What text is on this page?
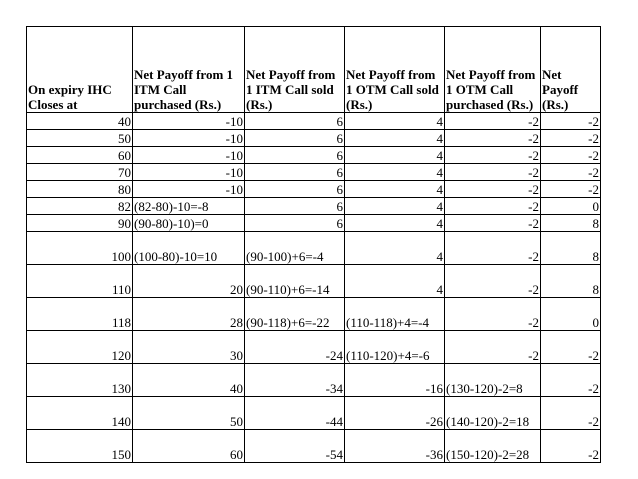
On expiry IHC Closes at	Net Payoff from 1 ITM Call purchased (Rs.)	Net Payoff from 1 ITM Call sold (Rs.)	Net Payoff from 1 OTM Call sold (Rs.)	Net Payoff from 1 OTM Call purchased (Rs.)	Net Payoff (Rs.)
40	-10	6	4	-2	-2
50	-10	6	4	-2	-2
60	-10	6	4	-2	-2
70	-10	6	4	-2	-2
80	-10	6	4	-2	-2
82	(82-80)-10=-8	6	4	-2	0
90	(90-80)-10)=0	6	4	-2	8
100	(100-80)-10=10	(90-100)+6=-4	4	-2	8
110	20	(90-110)+6=-14	4	-2	8
118	28	(90-118)+6=-22	(110-118)+4=-4	-2	0
120	30	-24	(110-120)+4=-6	-2	-2
130	40	-34	-16	(130-120)-2=8	-2
140	50	-44	-26	(140-120)-2=18	-2
150	60	-54	-36	(150-120)-2=28	-2
